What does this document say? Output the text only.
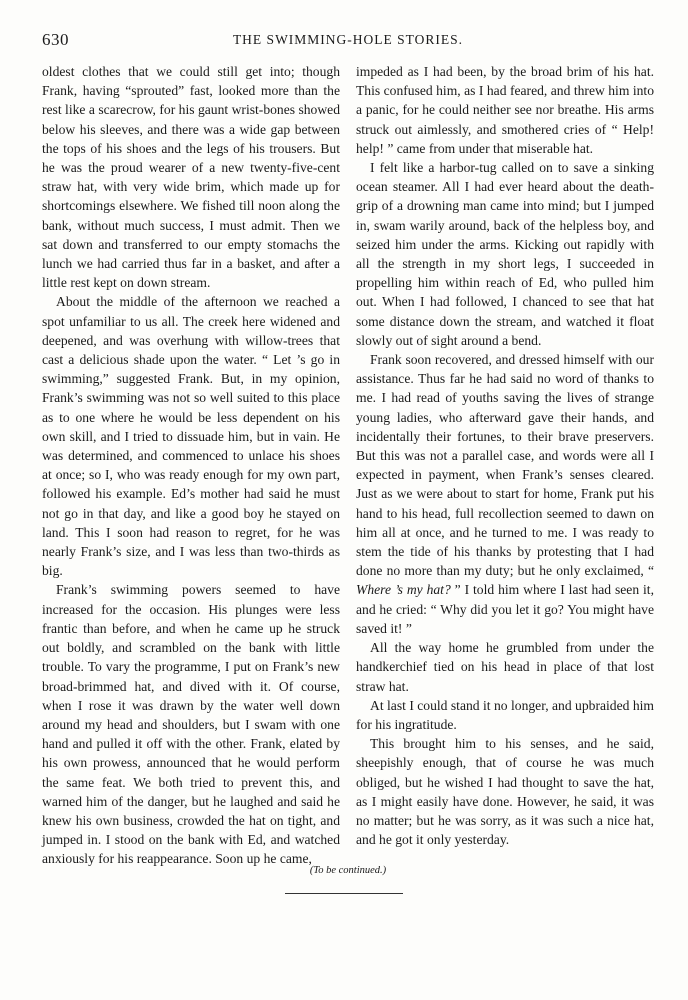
630	THE SWIMMING-HOLE STORIES.

oldest clothes that we could still get into; though Frank, having “sprouted” fast, looked more than the rest like a scarecrow, for his gaunt wrist-bones showed below his sleeves, and there was a wide gap between the tops of his shoes and the legs of his trousers. But he was the proud wearer of a new twenty-five-cent straw hat, with very wide brim, which made up for shortcomings elsewhere. We fished till noon along the bank, without much success, I must admit. Then we sat down and transferred to our empty stomachs the lunch we had carried thus far in a basket, and after a little rest kept on down stream.

About the middle of the afternoon we reached a spot unfamiliar to us all. The creek here widened and deepened, and was overhung with willow-trees that cast a delicious shade upon the water. “ Let ’s go in swimming,” suggested Frank. But, in my opinion, Frank’s swimming was not so well suited to this place as to one where he would be less dependent on his own skill, and I tried to dissuade him, but in vain. He was determined, and commenced to unlace his shoes at once; so I, who was ready enough for my own part, followed his example. Ed’s mother had said he must not go in that day, and like a good boy he stayed on land. This I soon had reason to regret, for he was nearly Frank’s size, and I was less than two-thirds as big.

Frank’s swimming powers seemed to have increased for the occasion. His plunges were less frantic than before, and when he came up he struck out boldly, and scrambled on the bank with little trouble. To vary the programme, I put on Frank’s new broad-brimmed hat, and dived with it. Of course, when I rose it was drawn by the water well down around my head and shoulders, but I swam with one hand and pulled it off with the other. Frank, elated by his own prowess, announced that he would perform the same feat. We both tried to prevent this, and warned him of the danger, but he laughed and said he knew his own business, crowded the hat on tight, and jumped in. I stood on the bank with Ed, and watched anxiously for his reappearance. Soon up he came,

impeded as I had been, by the broad brim of his hat. This confused him, as I had feared, and threw him into a panic, for he could neither see nor breathe. His arms struck out aimlessly, and smothered cries of “ Help! help! ” came from under that miserable hat.

I felt like a harbor-tug called on to save a sinking ocean steamer. All I had ever heard about the death-grip of a drowning man came into mind; but I jumped in, swam warily around, back of the helpless boy, and seized him under the arms. Kicking out rapidly with all the strength in my short legs, I succeeded in propelling him within reach of Ed, who pulled him out. When I had followed, I chanced to see that hat some distance down the stream, and watched it float slowly out of sight around a bend.

Frank soon recovered, and dressed himself with our assistance. Thus far he had said no word of thanks to me. I had read of youths saving the lives of strange young ladies, who afterward gave their hands, and incidentally their fortunes, to their brave preservers. But this was not a parallel case, and words were all I expected in payment, when Frank’s senses cleared. Just as we were about to start for home, Frank put his hand to his head, full recollection seemed to dawn on him all at once, and he turned to me. I was ready to stem the tide of his thanks by protesting that I had done no more than my duty; but he only exclaimed, “ Where ’s my hat? ” I told him where I last had seen it, and he cried: “ Why did you let it go? You might have saved it! ”

All the way home he grumbled from under the handkerchief tied on his head in place of that lost straw hat.

At last I could stand it no longer, and upbraided him for his ingratitude.

This brought him to his senses, and he said, sheepishly enough, that of course he was much obliged, but he wished I had thought to save the hat, as I might easily have done. However, he said, it was no matter; but he was sorry, as it was such a nice hat, and he got it only yesterday.

(To be continued.)
